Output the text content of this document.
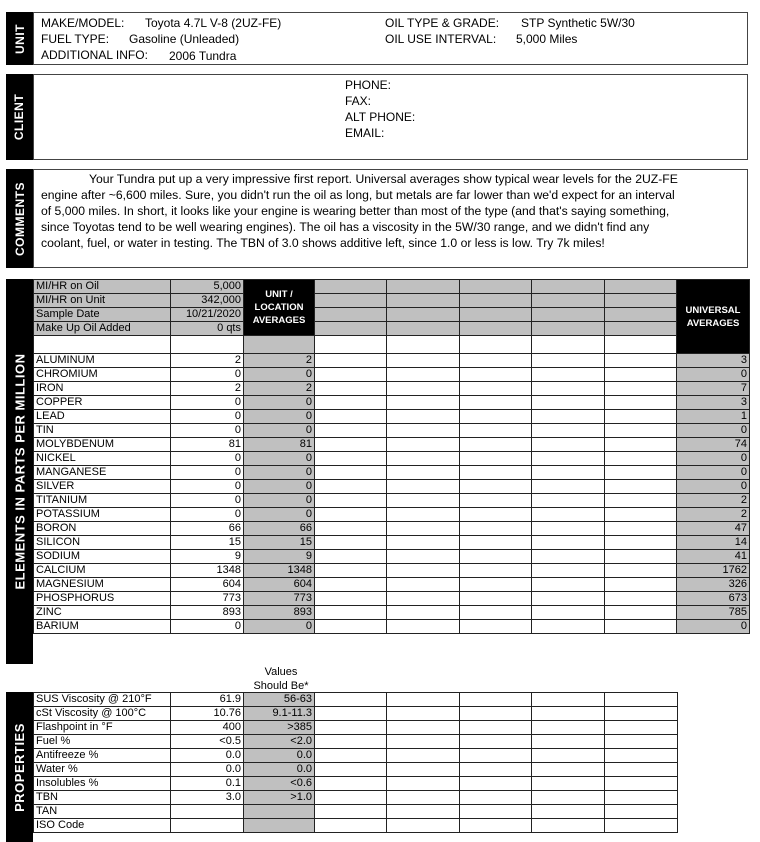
UNIT
MAKE/MODEL: Toyota 4.7L V-8 (2UZ-FE)
FUEL TYPE: Gasoline (Unleaded)
ADDITIONAL INFO: 2006 Tundra
OIL TYPE & GRADE: STP Synthetic 5W/30
OIL USE INTERVAL: 5,000 Miles
CLIENT
PHONE:
FAX:
ALT PHONE:
EMAIL:
COMMENTS
Your Tundra put up a very impressive first report. Universal averages show typical wear levels for the 2UZ-FE engine after ~6,600 miles. Sure, you didn't run the oil as long, but metals are far lower than we'd expect for an interval of 5,000 miles. In short, it looks like your engine is wearing better than most of the type (and that's saying something, since Toyotas tend to be well wearing engines). The oil has a viscosity in the 5W/30 range, and we didn't find any coolant, fuel, or water in testing. The TBN of 3.0 shows additive left, since 1.0 or less is low. Try 7k miles!
ELEMENTS IN PARTS PER MILLION
MI/HR on Oil	5,000	UNIT / LOCATION AVERAGES						UNIVERSAL AVERAGES
MI/HR on Unit	342,000							
Sample Date	10/21/2020							
Make Up Oil Added	0 qts							

ALUMINUM	2	2						3
CHROMIUM	0	0						0
IRON	2	2						7
COPPER	0	0						3
LEAD	0	0						1
TIN	0	0						0
MOLYBDENUM	81	81						74
NICKEL	0	0						0
MANGANESE	0	0						0
SILVER	0	0						0
TITANIUM	0	0						2
POTASSIUM	0	0						2
BORON	66	66						47
SILICON	15	15						14
SODIUM	9	9						41
CALCIUM	1348	1348						1762
MAGNESIUM	604	604						326
PHOSPHORUS	773	773						673
ZINC	893	893						785
BARIUM	0	0						0
Values
Should Be*
PROPERTIES
SUS Viscosity @ 210°F	61.9	56-63					
cSt Viscosity @ 100°C	10.76	9.1-11.3					
Flashpoint in °F	400	>385					
Fuel %	<0.5	<2.0					
Antifreeze %	0.0	0.0					
Water %	0.0	0.0					
Insolubles %	0.1	<0.6					
TBN	3.0	>1.0					
TAN							
ISO Code							
